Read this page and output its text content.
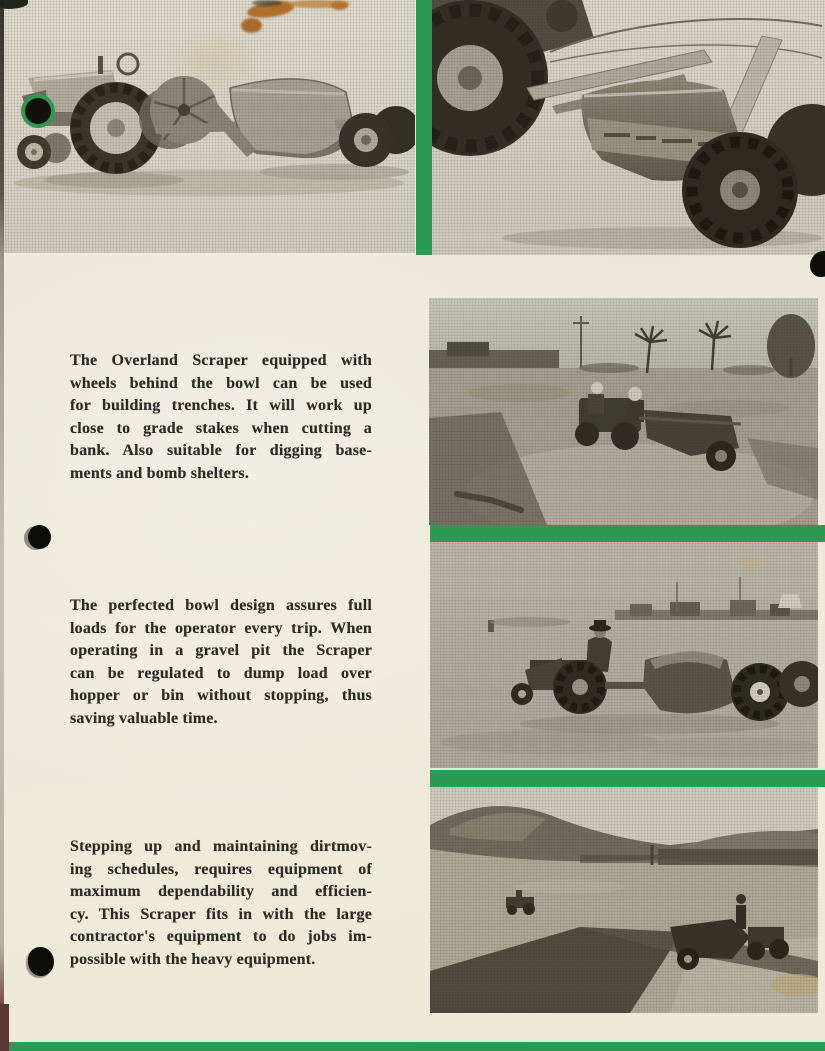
The Overland Scraper equipped with
wheels behind the bowl can be used
for building trenches. It will work up
close to grade stakes when cutting a
bank. Also suitable for digging base-
ments and bomb shelters.
The perfected bowl design assures full
loads for the operator every trip. When
operating in a gravel pit the Scraper
can be regulated to dump load over
hopper or bin without stopping, thus
saving valuable time.
Stepping up and maintaining dirtmov-
ing schedules, requires equipment of
maximum dependability and efficien-
cy. This Scraper fits in with the large
contractor's equipment to do jobs im-
possible with the heavy equipment.
